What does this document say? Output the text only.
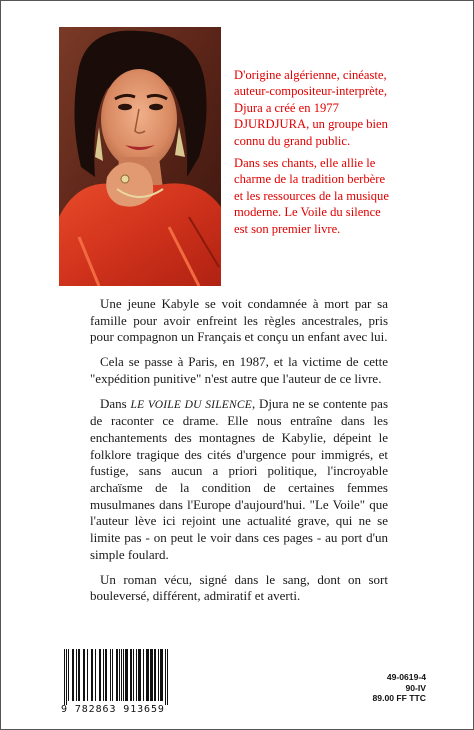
D'origine algérienne, cinéaste, auteur-compositeur-interprète, Djura a créé en 1977 DJURDJURA, un groupe bien connu du grand public.

Dans ses chants, elle allie le charme de la tradition berbère et les ressources de la musique moderne. Le Voile du silence est son premier livre.

Une jeune Kabyle se voit condamnée à mort par sa famille pour avoir enfreint les règles ancestrales, pris pour compagnon un Français et conçu un enfant avec lui.

Cela se passe à Paris, en 1987, et la victime de cette "expédition punitive" n'est autre que l'auteur de ce livre.

Dans LE VOILE DU SILENCE, Djura ne se contente pas de raconter ce drame. Elle nous entraîne dans les enchantements des montagnes de Kabylie, dépeint le folklore tragique des cités d'urgence pour immigrés, et fustige, sans aucun a priori politique, l'incroyable archaïsme de la condition de certaines femmes musulmanes dans l'Europe d'aujourd'hui. "Le Voile" que l'auteur lève ici rejoint une actualité grave, qui ne se limite pas - on peut le voir dans ces pages - au port d'un simple foulard.

Un roman vécu, signé dans le sang, dont on sort bouleversé, différent, admiratif et averti.

9 782863 913659
49-0619-4
90-IV
89.00 FF TTC
